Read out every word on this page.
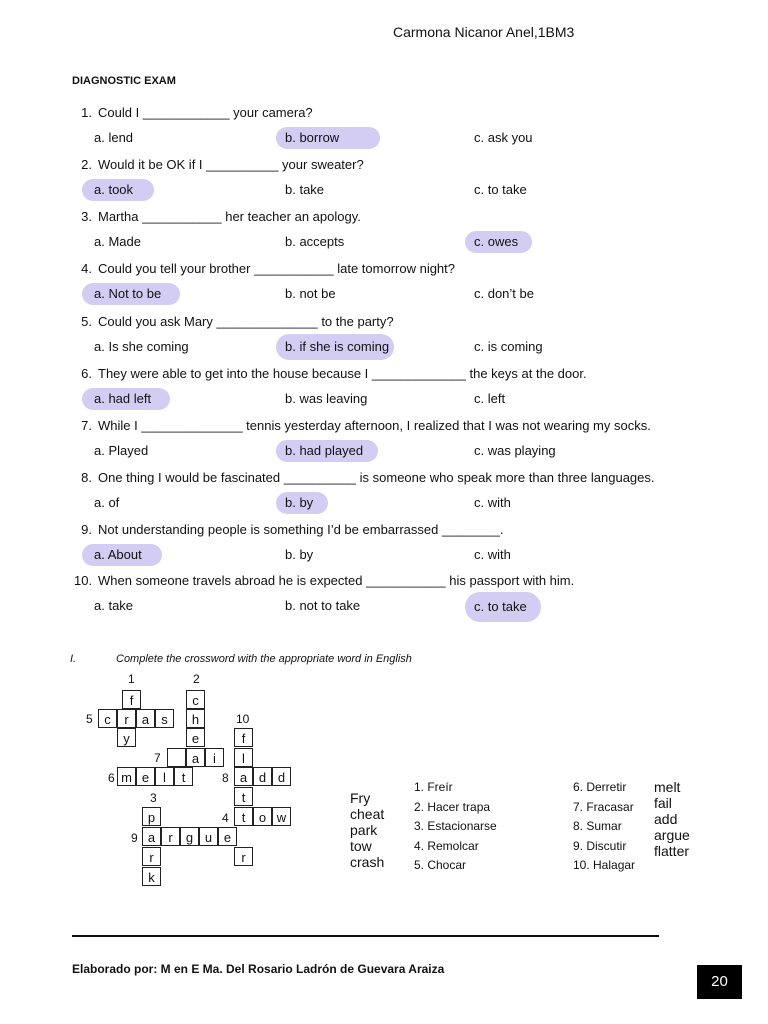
Carmona Nicanor Anel,1BM3
DIAGNOSTIC EXAM
1. Could I ____________ your camera?
a. lend	b. borrow	c. ask you
2. Would it be OK if I __________ your sweater?
a. took	b. take	c. to take
3. Martha ___________ her teacher an apology.
a. Made	b. accepts	c. owes
4. Could you tell your brother ___________ late tomorrow night?
a. Not to be	b. not be	c. don’t be
5. Could you ask Mary ______________ to the party?
a. Is she coming	b. if she is coming	c. is coming
6. They were able to get into the house because I _____________ the keys at the door.
a. had left	b. was leaving	c. left
7. While I ______________ tennis yesterday afternoon, I realized that I was not wearing my socks.
a. Played	b. had played	c. was playing
8. One thing I would be fascinated __________ is someone who speak more than three languages.
a. of	b. by	c. with
9. Not understanding people is something I’d be embarrassed ________.
a. About	b. by	c. with
10. When someone travels abroad he is expected ___________ his passport with him.
a. take	b. not to take	c. to take
I.	Complete the crossword with the appropriate word in English
f	c
c	r	a s	h
y	e	f
a	i	l
m e	l	t	a d d
t
p	t	o w
a	r	g u e
r	r
k
1	2
5	10
7
6	8
3
4
9
Fry
cheat
park
tow
crash
1. Freír
2. Hacer trapa
3. Estacionarse
4. Remolcar
5. Chocar
6. Derretir
7. Fracasar
8. Sumar
9. Discutir
10. Halagar
melt
fail
add
argue
flatter
Elaborado por: M en E Ma. Del Rosario Ladrón de Guevara Araiza
20
